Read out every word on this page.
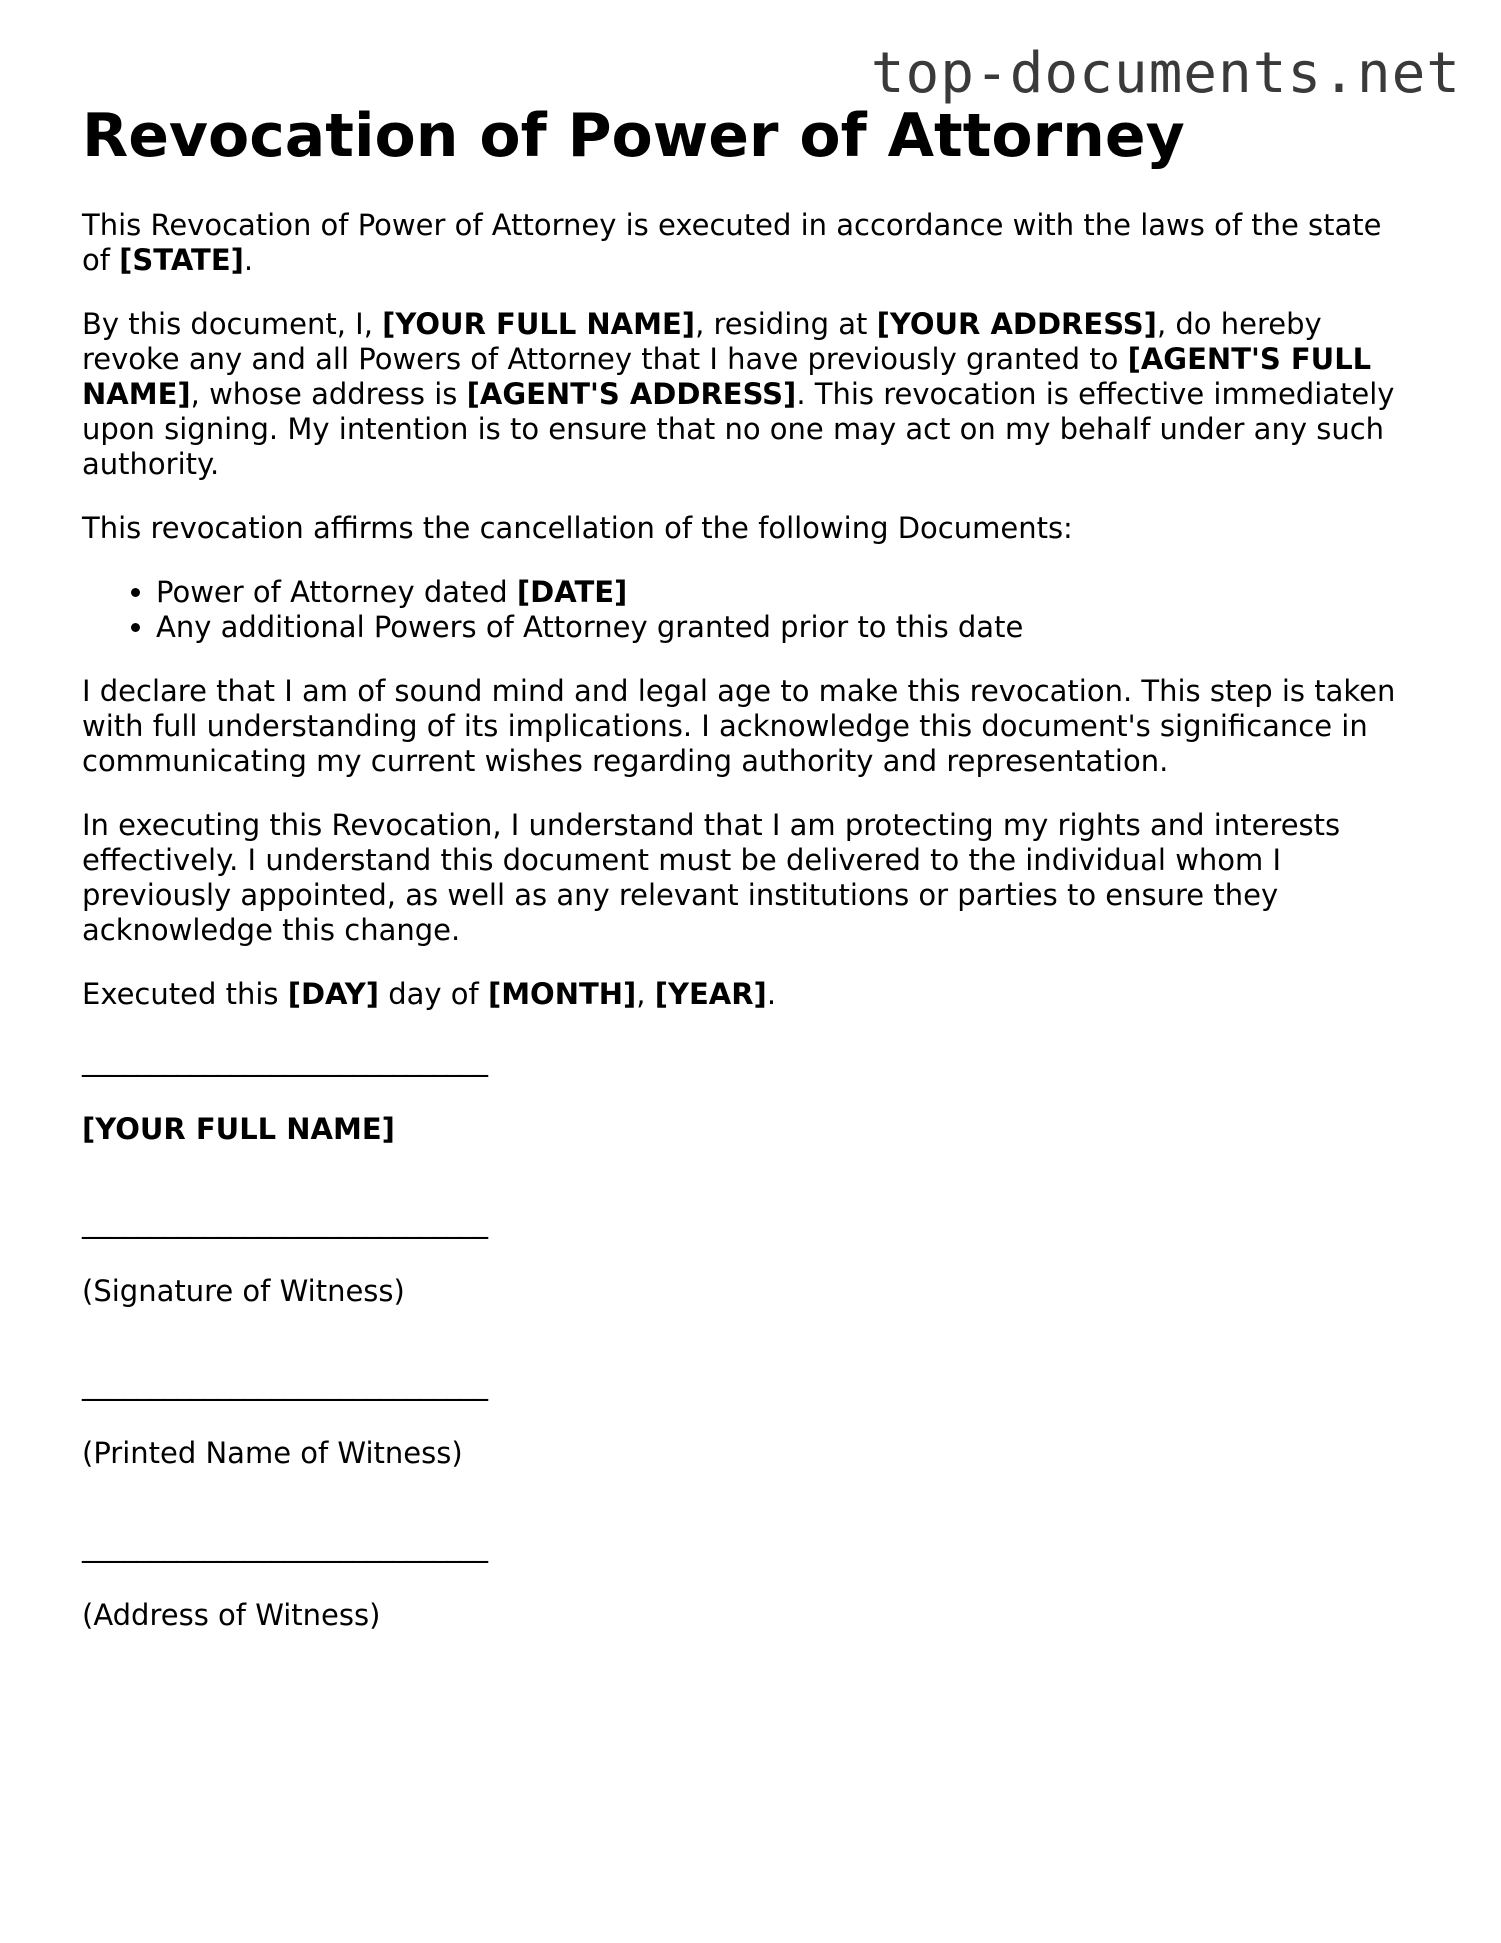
top-documents.net
Revocation of Power of Attorney

This Revocation of Power of Attorney is executed in accordance with the laws of the state of [STATE].

By this document, I, [YOUR FULL NAME], residing at [YOUR ADDRESS], do hereby revoke any and all Powers of Attorney that I have previously granted to [AGENT'S FULL NAME], whose address is [AGENT'S ADDRESS]. This revocation is effective immediately upon signing. My intention is to ensure that no one may act on my behalf under any such authority.

This revocation affirms the cancellation of the following Documents:

• Power of Attorney dated [DATE]
• Any additional Powers of Attorney granted prior to this date

I declare that I am of sound mind and legal age to make this revocation. This step is taken with full understanding of its implications. I acknowledge this document's significance in communicating my current wishes regarding authority and representation.

In executing this Revocation, I understand that I am protecting my rights and interests effectively. I understand this document must be delivered to the individual whom I previously appointed, as well as any relevant institutions or parties to ensure they acknowledge this change.

Executed this [DAY] day of [MONTH], [YEAR].

______________________________
[YOUR FULL NAME]
______________________________
(Signature of Witness)
______________________________
(Printed Name of Witness)
______________________________
(Address of Witness)
